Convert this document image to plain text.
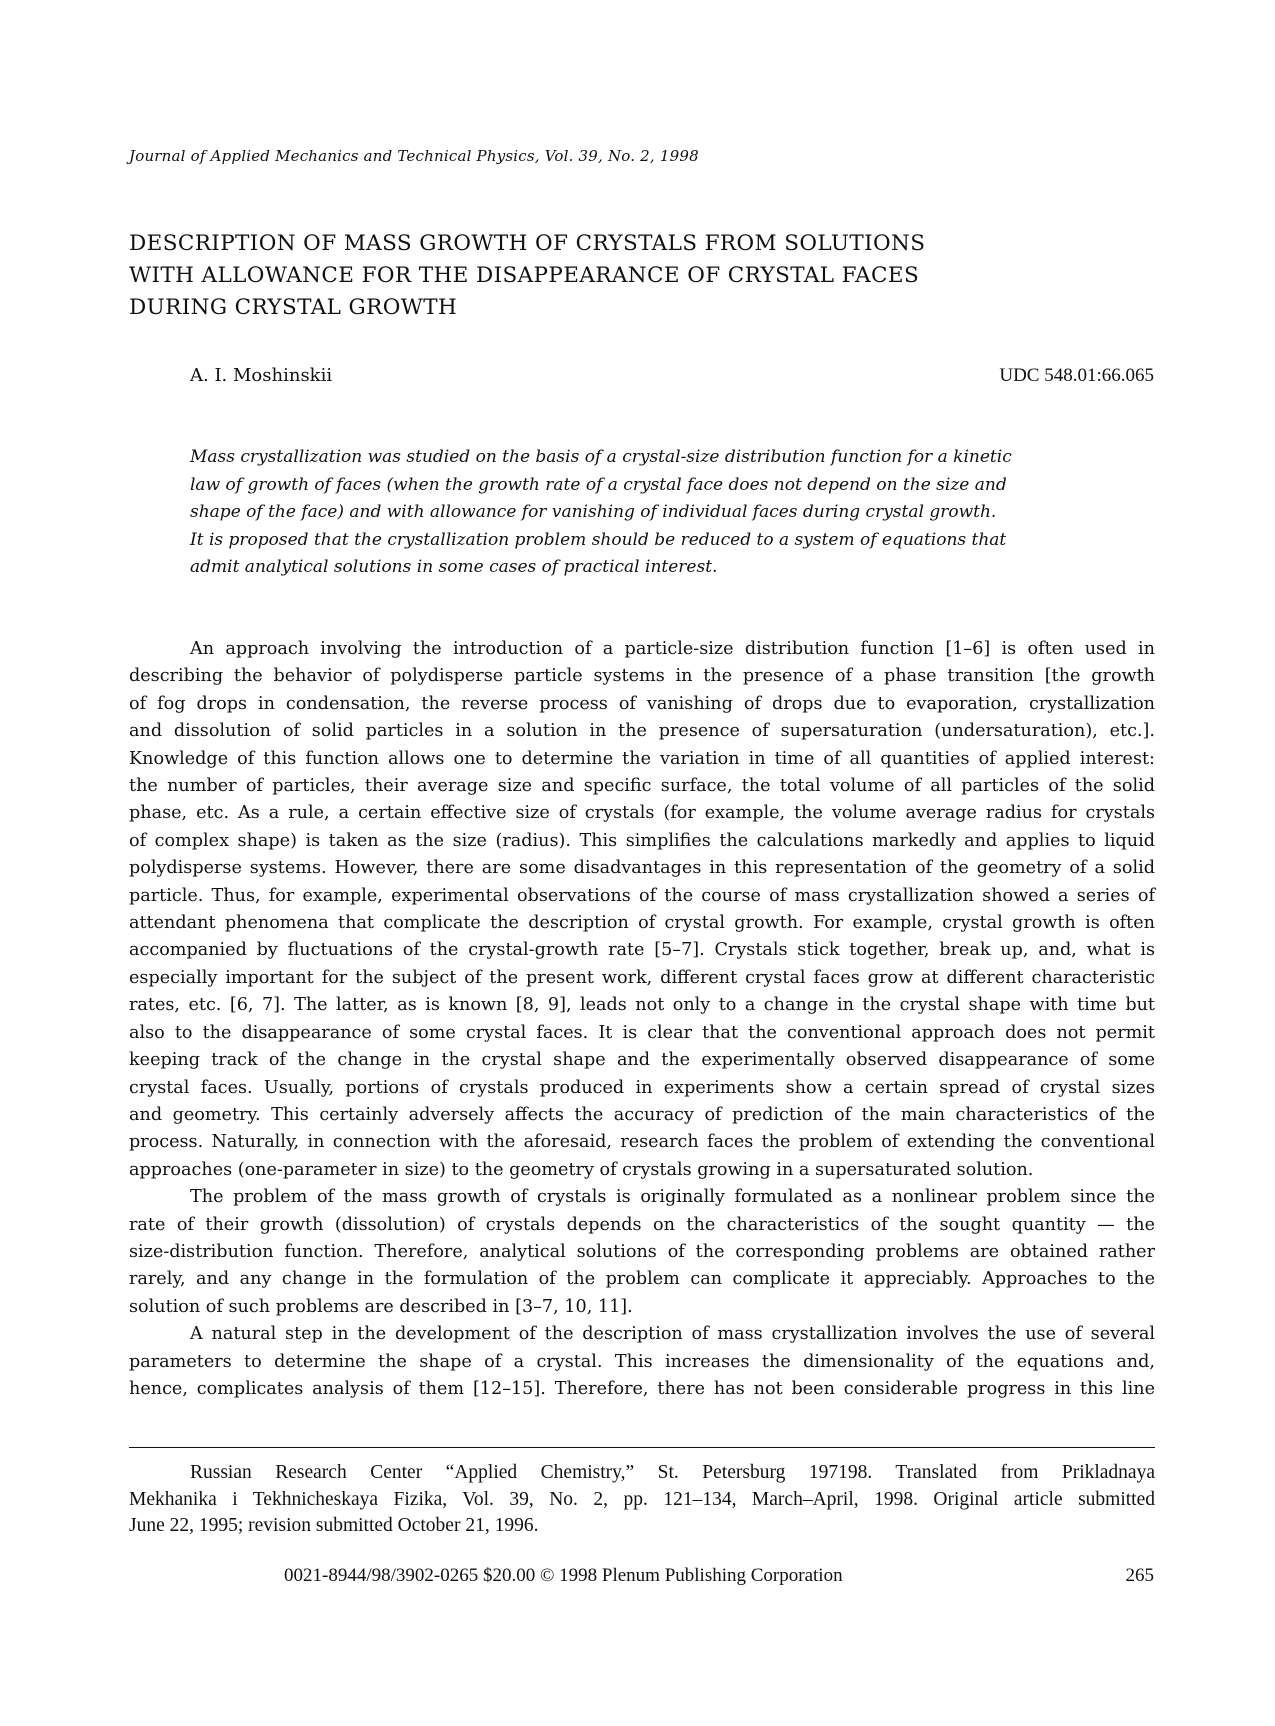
Journal of Applied Mechanics and Technical Physics, Vol. 39, No. 2, 1998
DESCRIPTION OF MASS GROWTH OF CRYSTALS FROM SOLUTIONS
WITH ALLOWANCE FOR THE DISAPPEARANCE OF CRYSTAL FACES
DURING CRYSTAL GROWTH
A. I. Moshinskii	UDC 548.01:66.065
Mass crystallization was studied on the basis of a crystal-size distribution function for a kinetic
law of growth of faces (when the growth rate of a crystal face does not depend on the size and
shape of the face) and with allowance for vanishing of individual faces during crystal growth.
It is proposed that the crystallization problem should be reduced to a system of equations that
admit analytical solutions in some cases of practical interest.
An approach involving the introduction of a particle-size distribution function [1–6] is often used in
describing the behavior of polydisperse particle systems in the presence of a phase transition [the growth
of fog drops in condensation, the reverse process of vanishing of drops due to evaporation, crystallization
and dissolution of solid particles in a solution in the presence of supersaturation (undersaturation), etc.].
Knowledge of this function allows one to determine the variation in time of all quantities of applied interest:
the number of particles, their average size and specific surface, the total volume of all particles of the solid
phase, etc. As a rule, a certain effective size of crystals (for example, the volume average radius for crystals
of complex shape) is taken as the size (radius). This simplifies the calculations markedly and applies to liquid
polydisperse systems. However, there are some disadvantages in this representation of the geometry of a solid
particle. Thus, for example, experimental observations of the course of mass crystallization showed a series of
attendant phenomena that complicate the description of crystal growth. For example, crystal growth is often
accompanied by fluctuations of the crystal-growth rate [5–7]. Crystals stick together, break up, and, what is
especially important for the subject of the present work, different crystal faces grow at different characteristic
rates, etc. [6, 7]. The latter, as is known [8, 9], leads not only to a change in the crystal shape with time but
also to the disappearance of some crystal faces. It is clear that the conventional approach does not permit
keeping track of the change in the crystal shape and the experimentally observed disappearance of some
crystal faces. Usually, portions of crystals produced in experiments show a certain spread of crystal sizes
and geometry. This certainly adversely affects the accuracy of prediction of the main characteristics of the
process. Naturally, in connection with the aforesaid, research faces the problem of extending the conventional
approaches (one-parameter in size) to the geometry of crystals growing in a supersaturated solution.
The problem of the mass growth of crystals is originally formulated as a nonlinear problem since the
rate of their growth (dissolution) of crystals depends on the characteristics of the sought quantity — the
size-distribution function. Therefore, analytical solutions of the corresponding problems are obtained rather
rarely, and any change in the formulation of the problem can complicate it appreciably. Approaches to the
solution of such problems are described in [3–7, 10, 11].
A natural step in the development of the description of mass crystallization involves the use of several
parameters to determine the shape of a crystal. This increases the dimensionality of the equations and,
hence, complicates analysis of them [12–15]. Therefore, there has not been considerable progress in this line
Russian Research Center “Applied Chemistry,” St. Petersburg 197198. Translated from Prikladnaya
Mekhanika i Tekhnicheskaya Fizika, Vol. 39, No. 2, pp. 121–134, March–April, 1998. Original article submitted
June 22, 1995; revision submitted October 21, 1996.
0021-8944/98/3902-0265 $20.00 © 1998 Plenum Publishing Corporation	265
